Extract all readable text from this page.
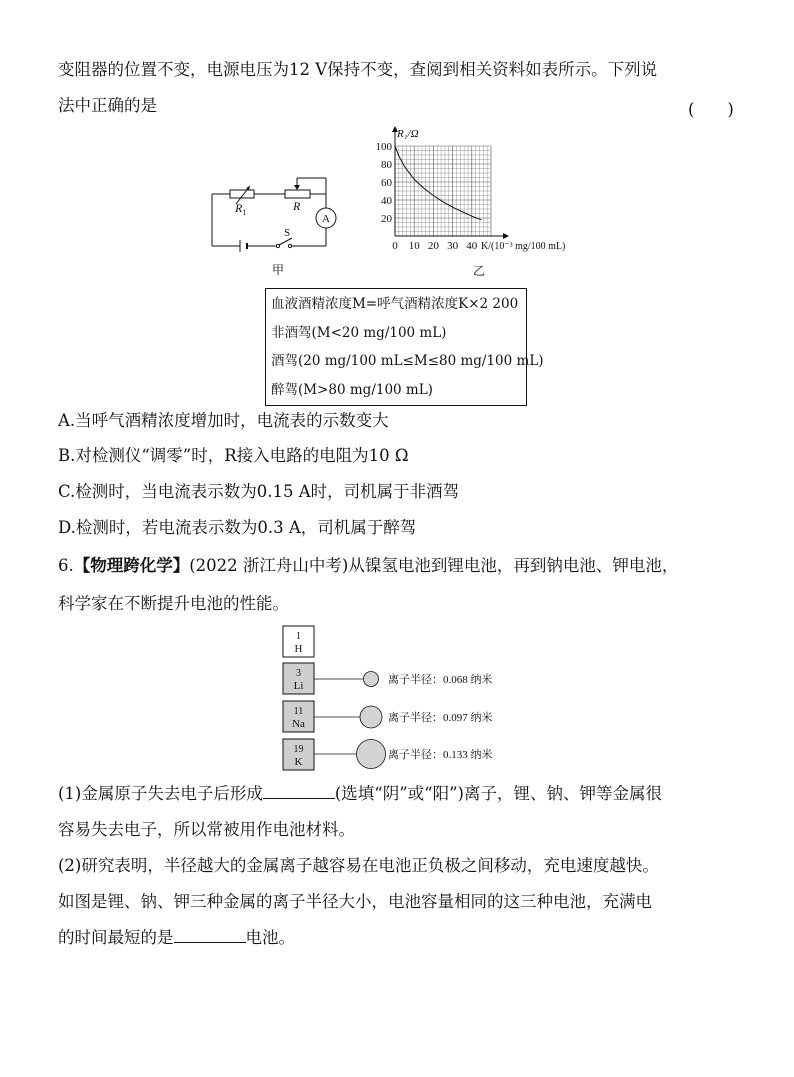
变阻器的位置不变，电源电压为12 V保持不变，查阅到相关资料如表所示。下列说
法中正确的是	(　　)
A
$R_1$	R
S
甲
20
40
60
80
100
0 10 20 30 40
R₁/Ω
K/(10⁻³ mg/100 mL)
乙
血液酒精浓度M=呼气酒精浓度K×2 200
非酒驾(M<20 mg/100 mL)
酒驾(20 mg/100 mL≤M≤80 mg/100 mL)
醉驾(M>80 mg/100 mL)
A.当呼气酒精浓度增加时，电流表的示数变大
B.对检测仪“调零”时，R接入电路的电阻为10 Ω
C.检测时，当电流表示数为0.15 A时，司机属于非酒驾
D.检测时，若电流表示数为0.3 A，司机属于醉驾
6.【物理跨化学】(2022 浙江舟山中考)从镍氢电池到锂电池，再到钠电池、钾电池，
科学家在不断提升电池的性能。
1
H
3
Li	离子半径：0.068 纳米
11
Na	离子半径：0.097 纳米
19
K
离子半径：0.133 纳米
(1)金属原子失去电子后形成	(选填“阴”或“阳”)离子，锂、钠、钾等金属很
容易失去电子，所以常被用作电池材料。
(2)研究表明，半径越大的金属离子越容易在电池正负极之间移动，充电速度越快。
如图是锂、钠、钾三种金属的离子半径大小，电池容量相同的这三种电池，充满电
的时间最短的是	电池。
